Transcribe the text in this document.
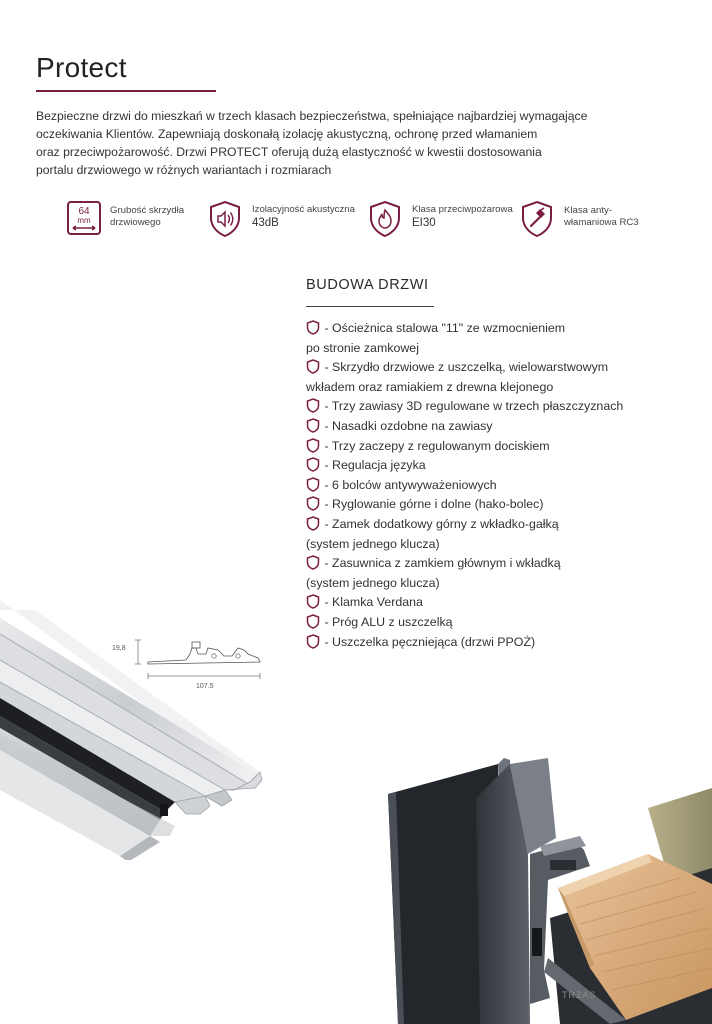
Protect

Bezpieczne drzwi do mieszkań w trzech klasach bezpieczeństwa, spełniające najbardziej wymagające

oczekiwania Klientów. Zapewniają doskonałą izolację akustyczną, ochronę przed włamaniem

oraz przeciwpożarowość. Drzwi PROTECT oferują dużą elastyczność w kwestii dostosowania

portalu drzwiowego w różnych wariantach i rozmiarach

64
mm
Grubość skrzydła
drzwiowego
Izolacyjność akustyczna
43dB
Klasa przeciwpożarowa
EI30
Klasa anty-
włamaniowa RC3
BUDOWA DRZWI
- Ościeżnica stalowa "11" ze wzmocnieniem
po stronie zamkowej
- Skrzydło drzwiowe z uszczelką, wielowarstwowym
wkładem oraz ramiakiem z drewna klejonego
- Trzy zawiasy 3D regulowane w trzech płaszczyznach
- Nasadki ozdobne na zawiasy
- Trzy zaczepy z regulowanym dociskiem
- Regulacja języka
- 6 bolców antywyważeniowych
- Ryglowanie górne i dolne (hako-bolec)
- Zamek dodatkowy górny z wkładko-gałką
(system jednego klucza)
- Zasuwnica z zamkiem głównym i wkładką
(system jednego klucza)
- Klamka Verdana
- Próg ALU z uszczelką
- Uszczelka pęczniejąca (drzwi PPOŻ)
19,8
107.5
TRZAS
